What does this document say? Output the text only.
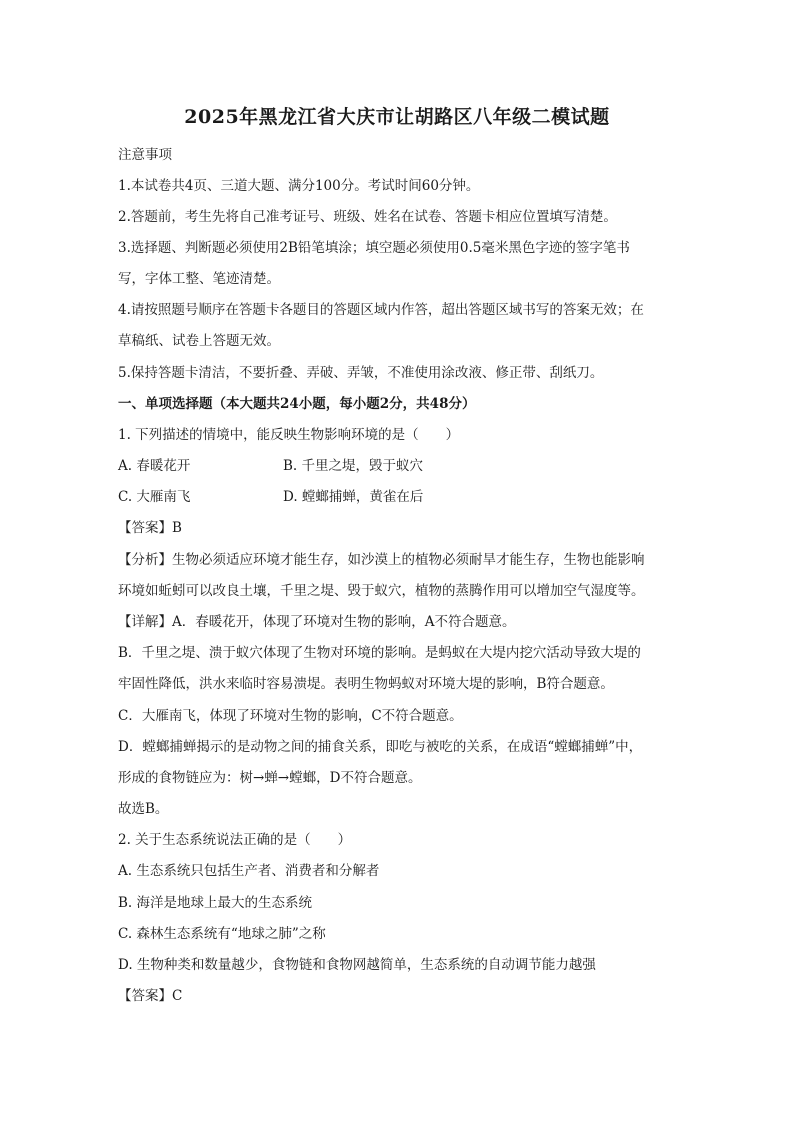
2025年黑龙江省大庆市让胡路区八年级二模试题
注意事项
1.本试卷共4页、三道大题、满分100分。考试时间60分钟。
2.答题前，考生先将自己准考证号、班级、姓名在试卷、答题卡相应位置填写清楚。
3.选择题、判断题必须使用2B铅笔填涂；填空题必须使用0.5毫米黑色字迹的签字笔书
写，字体工整、笔迹清楚。
4.请按照题号顺序在答题卡各题目的答题区域内作答，超出答题区域书写的答案无效；在
草稿纸、试卷上答题无效。
5.保持答题卡清洁，不要折叠、弄破、弄皱，不准使用涂改液、修正带、刮纸刀。
一、单项选择题（本大题共24小题，每小题2分，共48分）
1. 下列描述的情境中，能反映生物影响环境的是（　　）
A. 春暖花开	B. 千里之堤，毁于蚁穴
C. 大雁南飞	D. 螳螂捕蝉，黄雀在后
【答案】B
【分析】生物必须适应环境才能生存，如沙漠上的植物必须耐旱才能生存，生物也能影响
环境如蚯蚓可以改良土壤，千里之堤、毁于蚁穴，植物的蒸腾作用可以增加空气湿度等。
【详解】A．春暖花开，体现了环境对生物的影响，A不符合题意。
B．千里之堤、溃于蚁穴体现了生物对环境的影响。是蚂蚁在大堤内挖穴活动导致大堤的
牢固性降低，洪水来临时容易溃堤。表明生物蚂蚁对环境大堤的影响，B符合题意。
C．大雁南飞，体现了环境对生物的影响，C不符合题意。
D．螳螂捕蝉揭示的是动物之间的捕食关系，即吃与被吃的关系，在成语“螳螂捕蝉”中，
形成的食物链应为：树→蝉→螳螂，D不符合题意。
故选B。
2. 关于生态系统说法正确的是（　　）
A. 生态系统只包括生产者、消费者和分解者
B. 海洋是地球上最大的生态系统
C. 森林生态系统有“地球之肺”之称
D. 生物种类和数量越少，食物链和食物网越简单，生态系统的自动调节能力越强
【答案】C
